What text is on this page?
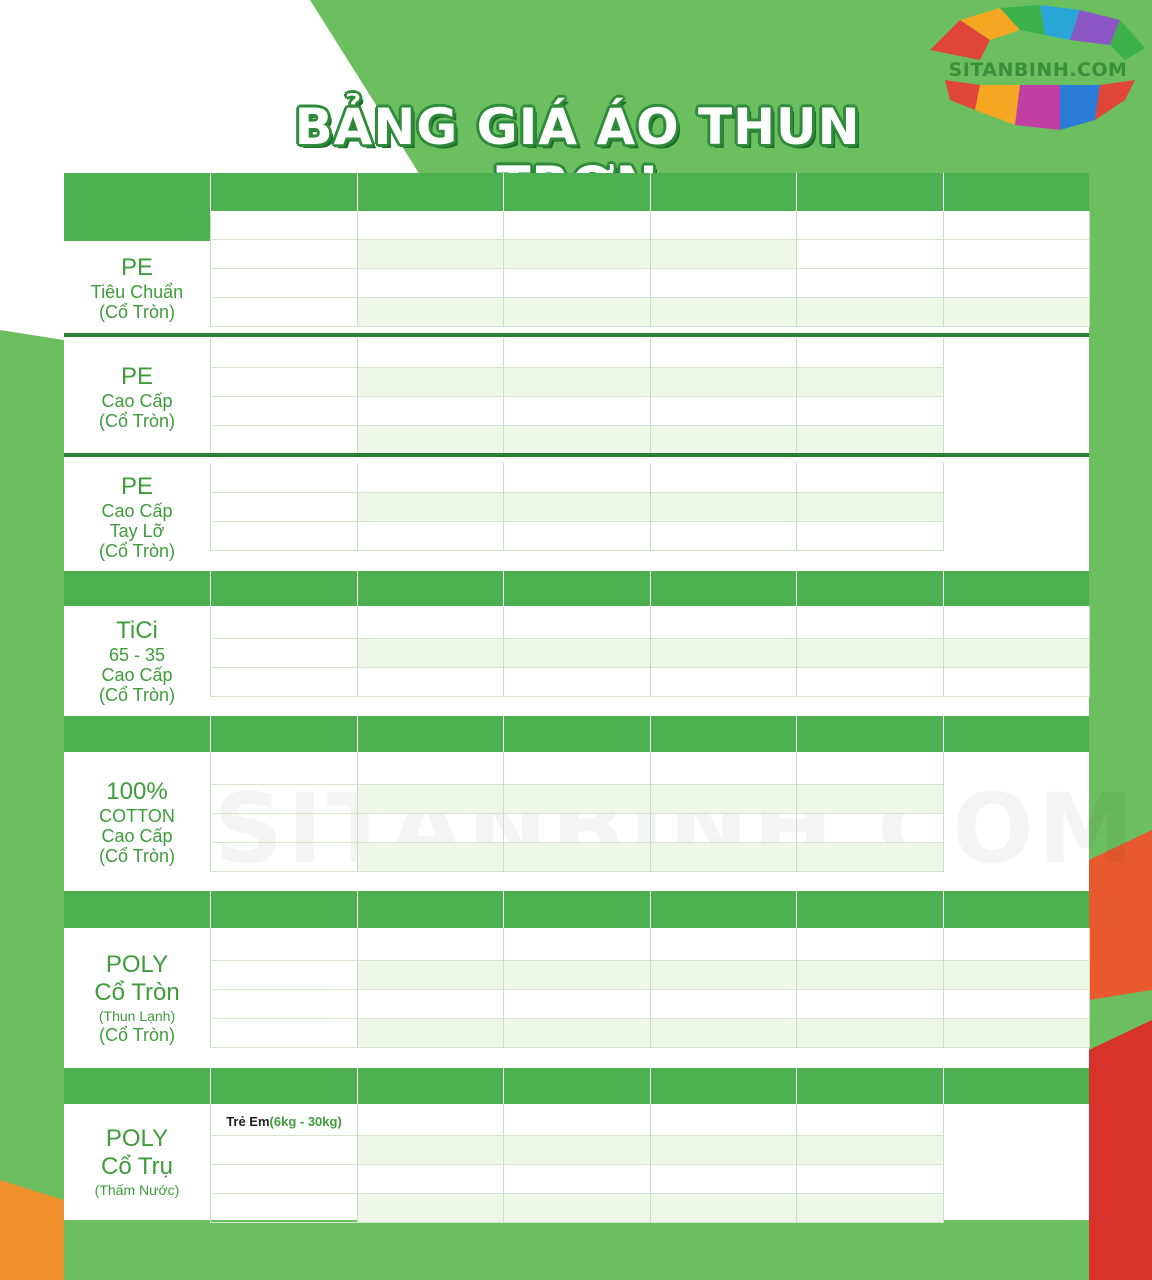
SITANBINH.COM
BẢNG GIÁ ÁO THUN
PE
Tiêu Chuẩn
(Cổ Tròn)
PE
Cao Cấp
(Cổ Tròn)
PE
Cao Cấp
Tay Lỡ
(Cổ Tròn)
TiCi
65 - 35
Cao Cấp
(Cổ Tròn)
100%
COTTON
Cao Cấp
(Cổ Tròn)
POLY
Cổ Tròn
(Thun Lạnh)
(Cổ Tròn)
POLY
Cổ Trụ
(Thấm Nước)
Trẻ Em (6kg - 30kg)
